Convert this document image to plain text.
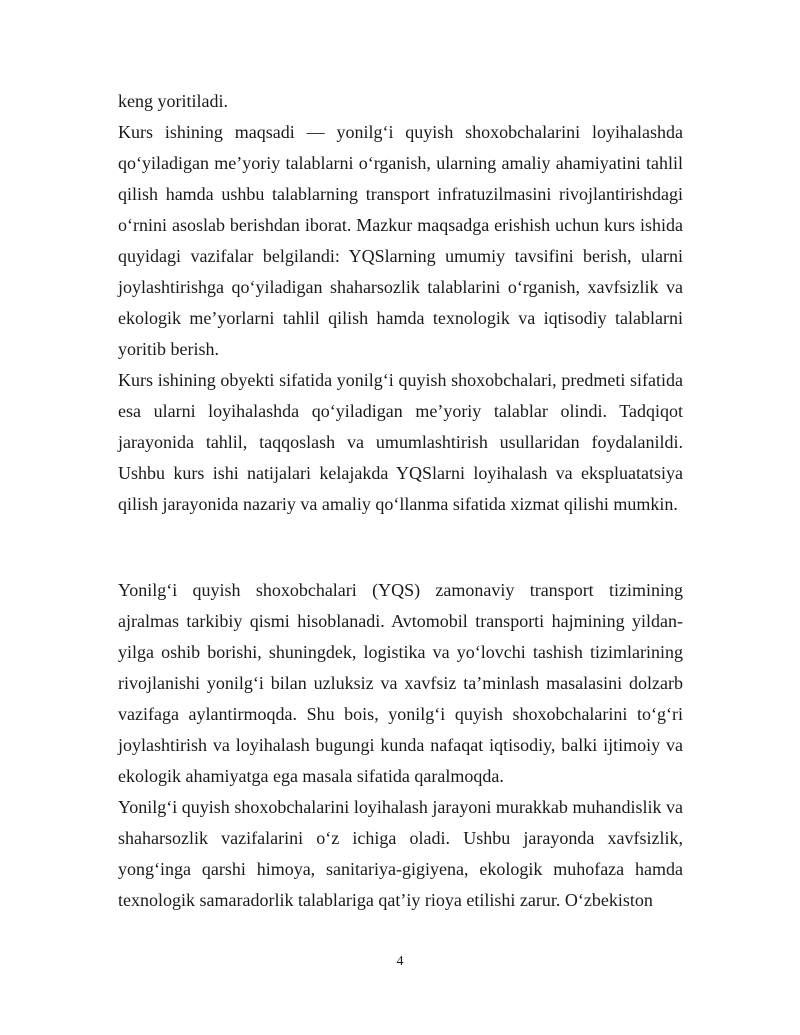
keng yoritiladi.

Kurs ishining maqsadi — yonilg‘i quyish shoxobchalarini loyihalashda qo‘yiladigan me’yoriy talablarni o‘rganish, ularning amaliy ahamiyatini tahlil qilish hamda ushbu talablarning transport infratuzilmasini rivojlantirishdagi o‘rnini asoslab berishdan iborat. Mazkur maqsadga erishish uchun kurs ishida quyidagi vazifalar belgilandi: YQSlarning umumiy tavsifini berish, ularni joylashtirishga qo‘yiladigan shaharsozlik talablarini o‘rganish, xavfsizlik va ekologik me’yorlarni tahlil qilish hamda texnologik va iqtisodiy talablarni yoritib berish.

Kurs ishining obyekti sifatida yonilg‘i quyish shoxobchalari, predmeti sifatida esa ularni loyihalashda qo‘yiladigan me’yoriy talablar olindi. Tadqiqot jarayonida tahlil, taqqoslash va umumlashtirish usullaridan foydalanildi. Ushbu kurs ishi natijalari kelajakda YQSlarni loyihalash va ekspluatatsiya qilish jarayonida nazariy va amaliy qo‘llanma sifatida xizmat qilishi mumkin.

Yonilg‘i quyish shoxobchalari (YQS) zamonaviy transport tizimining ajralmas tarkibiy qismi hisoblanadi. Avtomobil transporti hajmining yildan-yilga oshib borishi, shuningdek, logistika va yo‘lovchi tashish tizimlarining rivojlanishi yonilg‘i bilan uzluksiz va xavfsiz ta’minlash masalasini dolzarb vazifaga aylantirmoqda. Shu bois, yonilg‘i quyish shoxobchalarini to‘g‘ri joylashtirish va loyihalash bugungi kunda nafaqat iqtisodiy, balki ijtimoiy va ekologik ahamiyatga ega masala sifatida qaralmoqda.

Yonilg‘i quyish shoxobchalarini loyihalash jarayoni murakkab muhandislik va shaharsozlik vazifalarini o‘z ichiga oladi. Ushbu jarayonda xavfsizlik, yong‘inga qarshi himoya, sanitariya-gigiyena, ekologik muhofaza hamda texnologik samaradorlik talablariga qat’iy rioya etilishi zarur. O‘zbekiston

4
